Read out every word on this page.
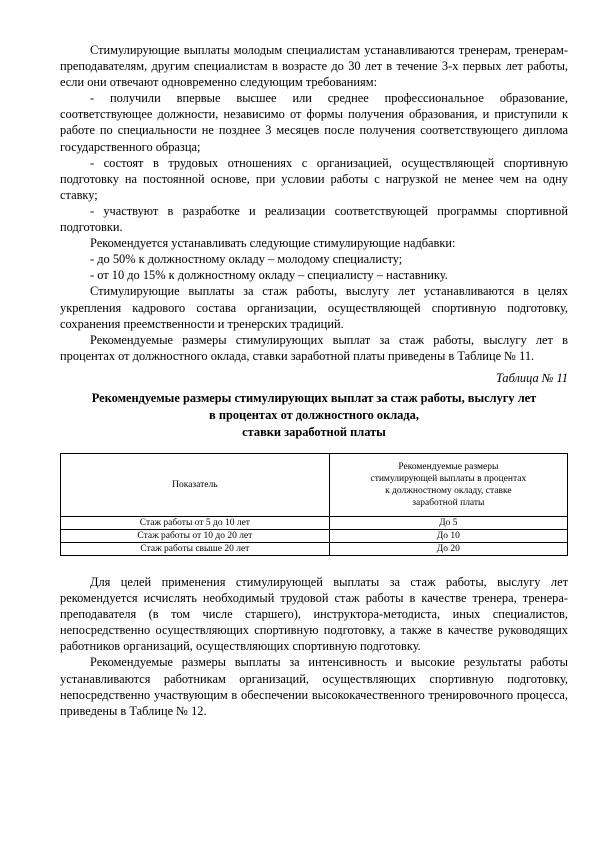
Стимулирующие выплаты молодым специалистам устанавливаются тренерам, тренерам-преподавателям, другим специалистам в возрасте до 30 лет в течение 3-х первых лет работы, если они отвечают одновременно следующим требованиям:

- получили впервые высшее или среднее профессиональное образование, соответствующее должности, независимо от формы получения образования, и приступили к работе по специальности не позднее 3 месяцев после получения соответствующего диплома государственного образца;

- состоят в трудовых отношениях с организацией, осуществляющей спортивную подготовку на постоянной основе, при условии работы с нагрузкой не менее чем на одну ставку;

- участвуют в разработке и реализации соответствующей программы спортивной подготовки.

Рекомендуется устанавливать следующие стимулирующие надбавки:

- до 50% к должностному окладу – молодому специалисту;

- от 10 до 15% к должностному окладу – специалисту – наставнику.

Стимулирующие выплаты за стаж работы, выслугу лет устанавливаются в целях укрепления кадрового состава организации, осуществляющей спортивную подготовку, сохранения преемственности и тренерских традиций.

Рекомендуемые размеры стимулирующих выплат за стаж работы, выслугу лет в процентах от должностного оклада, ставки заработной платы приведены в Таблице № 11.

Таблица № 11
Рекомендуемые размеры стимулирующих выплат за стаж работы, выслугу лет
в процентах от должностного оклада,
ставки заработной платы
Показатель	Рекомендуемые размеры
стимулирующей выплаты в процентах
к должностному окладу, ставке
заработной платы

Стаж работы от 5 до 10 лет	До 5
Стаж работы от 10 до 20 лет	До 10
Стаж работы свыше 20 лет	До 20

Для целей применения стимулирующей выплаты за стаж работы, выслугу лет рекомендуется исчислять необходимый трудовой стаж работы в качестве тренера, тренера-преподавателя (в том числе старшего), инструктора-методиста, иных специалистов, непосредственно осуществляющих спортивную подготовку, а также в качестве руководящих работников организаций, осуществляющих спортивную подготовку.

Рекомендуемые размеры выплаты за интенсивность и высокие результаты работы устанавливаются работникам организаций, осуществляющих спортивную подготовку, непосредственно участвующим в обеспечении высококачественного тренировочного процесса, приведены в Таблице № 12.
